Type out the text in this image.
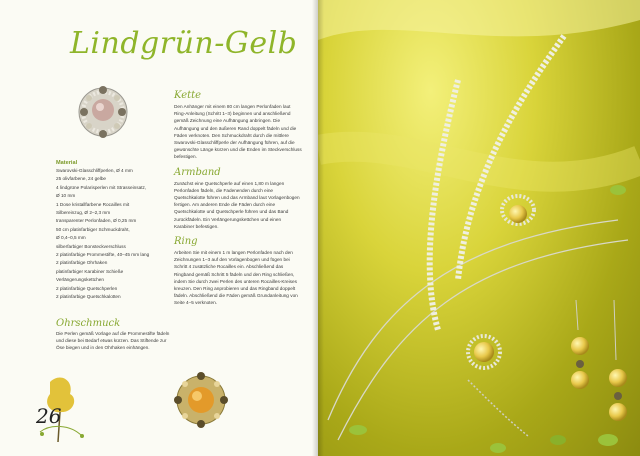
Lindgrün-Gelb

Material

Swarovski-Glasschliffperlen, Ø 4 mm

25 olivfarbene, 24 gelbe

4 lindgrüne Polarisperlen mit Strasseinsatz,

Ø 10 mm

1 Dose kristallfarbene Rocailles mit

Silbereinzug, Ø 2–2,3 mm

transparenter Perlonfaden, Ø 0,25 mm

50 cm platinfarbiger Schmuckdraht,

Ø 0,4–0,5 mm

silberfarbiger Bonsteckverschluss

2 platinfarbige Prommestifte, 40–45 mm lang

2 platinfarbige Ohrhaken

platinfarbiger Karabiner Schieße

Verlängerungskettchen

2 platinfarbige Quetschperlen

2 platinfarbige Quetschkalotten

Ohrschmuck

Die Perlen gemäß Vorlage auf die Prommestifte fädeln und diese bei Bedarf etwas kürzen. Das Stiftende zur Öse biegen und in den Ohrhaken einhängen.

Kette

Den Anhänger mit einem 80 cm langen Perlonfaden laut Ring-Anleitung (Schritt 1–3) beginnen und anschließend gemäß Zeichnung eine Aufhängung anbringen. Die Aufhängung und den äußeren Rand doppelt fädeln und die Fäden verknoten. Den Schmuckdraht durch die mittlere Swarovski-Glasschliffperle der Aufhängung führen, auf die gewünschte Länge kürzen und die Enden im Steckverschluss befestigen.

Armband

Zunächst eine Quetschperle auf einen 1,80 m langen Perlonfaden fädeln, die Fadenenden durch eine Quetschkalotte führen und das Armband laut Vorlagenbogen fertigen. Am anderen Ende die Fäden durch eine Quetschkalotte und Quetschperle führen und das Band zurückfädeln. Ein Verlängerungskettchen und einen Karabiner befestigen.

Ring

Arbeiten Sie mit einem 1 m langen Perlonfaden nach den Zeichnungen 1–3 auf den Vorlagenbogen und fügen bei Schritt 4 zusätzliche Rocailles ein. Abschließend das Ringband gemäß Schritt 5 fädeln und den Ring schließen, indem Sie durch zwei Perlen des unteren Rocailles-Kreises kreuzen. Den Ring anprobieren und das Ringband doppelt fädeln. Abschließend die Fäden gemäß Grundanleitung von Seite 4–5 verknoten.

26
